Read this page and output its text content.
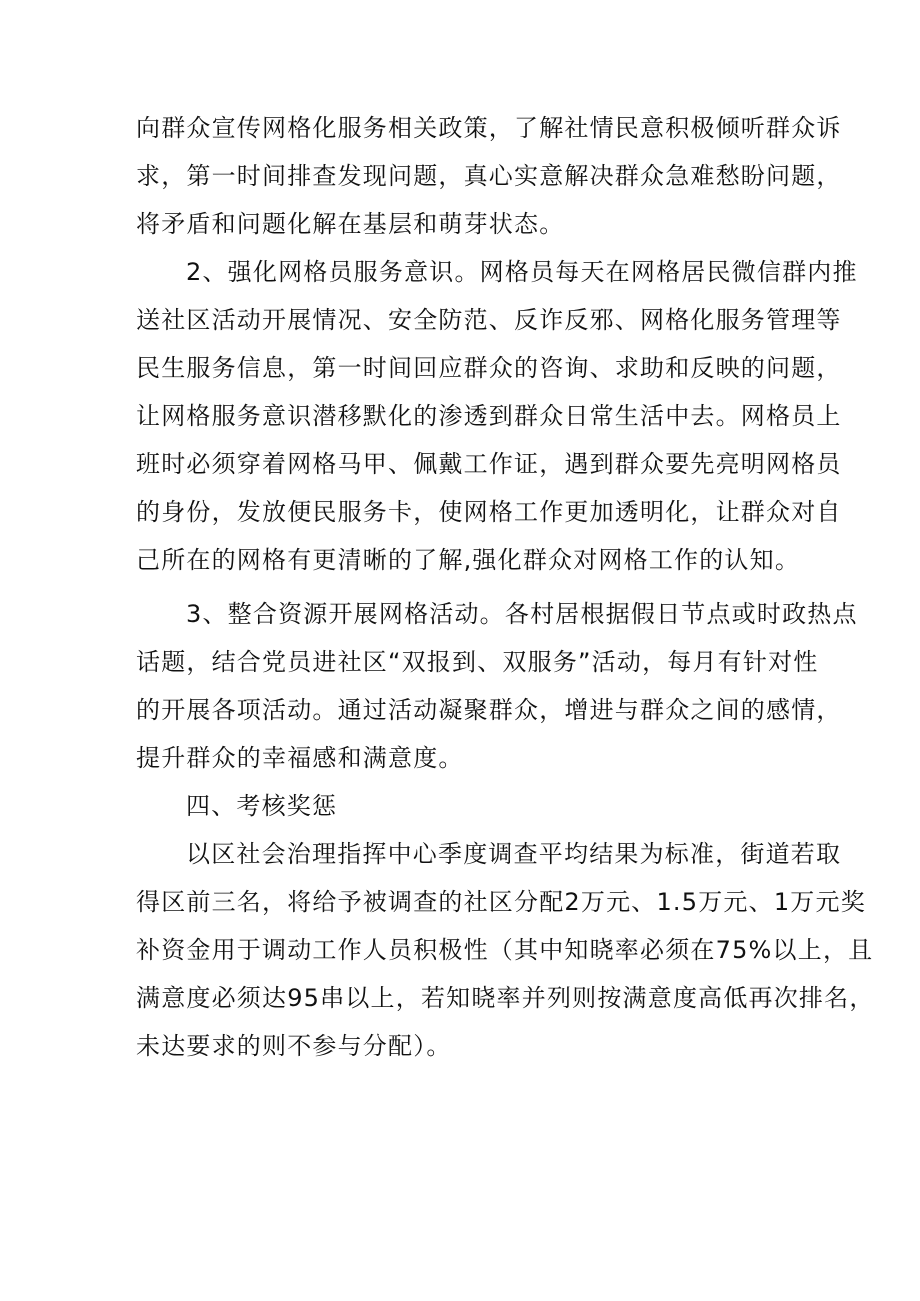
向群众宣传网格化服务相关政策，了解社情民意积极倾听群众诉
求，第一时间排查发现问题，真心实意解决群众急难愁盼问题，
将矛盾和问题化解在基层和萌芽状态。
2、强化网格员服务意识。网格员每天在网格居民微信群内推
送社区活动开展情况、安全防范、反诈反邪、网格化服务管理等
民生服务信息，第一时间回应群众的咨询、求助和反映的问题，
让网格服务意识潜移默化的渗透到群众日常生活中去。网格员上
班时必须穿着网格马甲、佩戴工作证，遇到群众要先亮明网格员
的身份，发放便民服务卡，使网格工作更加透明化，让群众对自
己所在的网格有更清晰的了解,强化群众对网格工作的认知。
3、整合资源开展网格活动。各村居根据假日节点或时政热点
话题，结合党员进社区“双报到、双服务”活动，每月有针对性
的开展各项活动。通过活动凝聚群众，增进与群众之间的感情，
提升群众的幸福感和满意度。
四、考核奖惩
以区社会治理指挥中心季度调查平均结果为标准，街道若取
得区前三名，将给予被调查的社区分配2万元、1.5万元、1万元奖
补资金用于调动工作人员积极性（其中知晓率必须在75%以上，且
满意度必须达95串以上，若知晓率并列则按满意度高低再次排名，
未达要求的则不参与分配）。
